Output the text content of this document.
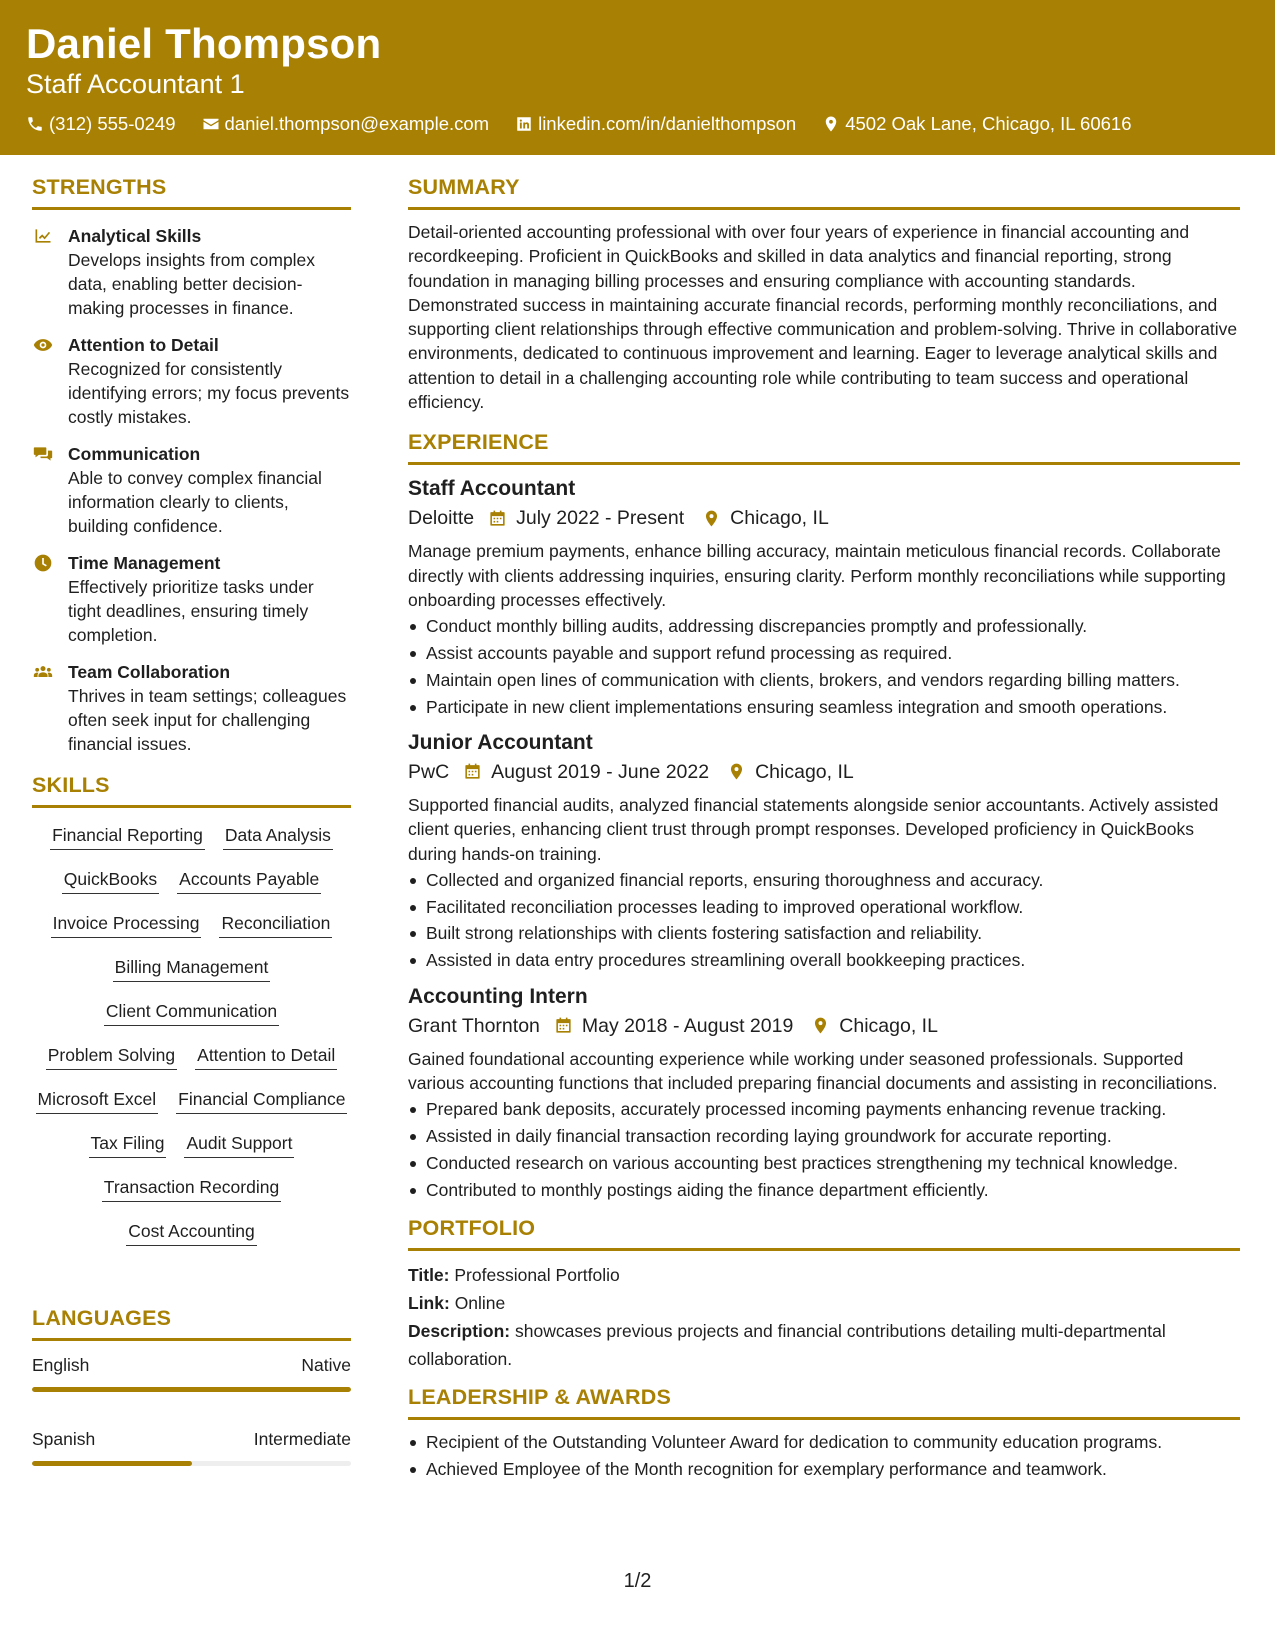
Daniel Thompson
Staff Accountant 1
(312) 555-0249	daniel.thompson@example.com	linkedin.com/in/danielthompson	4502 Oak Lane, Chicago, IL 60616
STRENGTHS
Analytical Skills
Develops insights from complex data, enabling better decision-making processes in finance.
Attention to Detail
Recognized for consistently identifying errors; my focus prevents costly mistakes.
Communication
Able to convey complex financial information clearly to clients, building confidence.
Time Management
Effectively prioritize tasks under tight deadlines, ensuring timely completion.
Team Collaboration
Thrives in team settings; colleagues often seek input for challenging financial issues.
SKILLS
Financial Reporting Data Analysis
QuickBooks Accounts Payable
Invoice Processing Reconciliation
Billing Management
Client Communication
Problem Solving Attention to Detail
Microsoft Excel Financial Compliance
Tax Filing Audit Support
Transaction Recording
Cost Accounting
LANGUAGES
English	Native
Spanish	Intermediate
SUMMARY
Detail-oriented accounting professional with over four years of experience in financial accounting and recordkeeping. Proficient in QuickBooks and skilled in data analytics and financial reporting, strong foundation in managing billing processes and ensuring compliance with accounting standards. Demonstrated success in maintaining accurate financial records, performing monthly reconciliations, and supporting client relationships through effective communication and problem-solving. Thrive in collaborative environments, dedicated to continuous improvement and learning. Eager to leverage analytical skills and attention to detail in a challenging accounting role while contributing to team success and operational efficiency.
EXPERIENCE
Staff Accountant
Deloitte July 2022 - Present Chicago, IL
Manage premium payments, enhance billing accuracy, maintain meticulous financial records. Collaborate directly with clients addressing inquiries, ensuring clarity. Perform monthly reconciliations while supporting onboarding processes effectively.
Conduct monthly billing audits, addressing discrepancies promptly and professionally.
Assist accounts payable and support refund processing as required.
Maintain open lines of communication with clients, brokers, and vendors regarding billing matters.
Participate in new client implementations ensuring seamless integration and smooth operations.
Junior Accountant
PwC August 2019 - June 2022 Chicago, IL
Supported financial audits, analyzed financial statements alongside senior accountants. Actively assisted client queries, enhancing client trust through prompt responses. Developed proficiency in QuickBooks during hands-on training.
Collected and organized financial reports, ensuring thoroughness and accuracy.
Facilitated reconciliation processes leading to improved operational workflow.
Built strong relationships with clients fostering satisfaction and reliability.
Assisted in data entry procedures streamlining overall bookkeeping practices.
Accounting Intern
Grant Thornton May 2018 - August 2019 Chicago, IL
Gained foundational accounting experience while working under seasoned professionals. Supported various accounting functions that included preparing financial documents and assisting in reconciliations.
Prepared bank deposits, accurately processed incoming payments enhancing revenue tracking.
Assisted in daily financial transaction recording laying groundwork for accurate reporting.
Conducted research on various accounting best practices strengthening my technical knowledge.
Contributed to monthly postings aiding the finance department efficiently.
PORTFOLIO
Title: Professional Portfolio
Link: Online
Description: showcases previous projects and financial contributions detailing multi-departmental collaboration.
LEADERSHIP & AWARDS
Recipient of the Outstanding Volunteer Award for dedication to community education programs.
Achieved Employee of the Month recognition for exemplary performance and teamwork.
1/2
